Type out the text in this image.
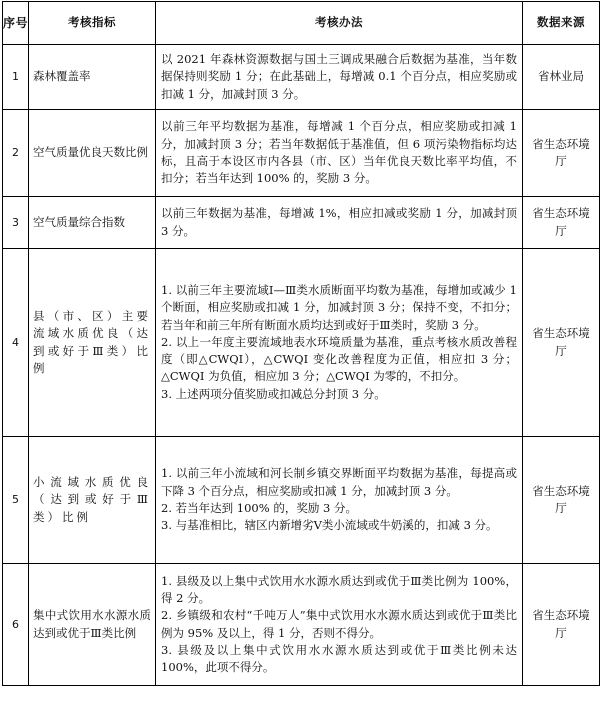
序号	考核指标	考核办法	数据来源
1	森林覆盖率	以 2021 年森林资源数据与国土三调成果融合后数据为基准，当年数据保持则奖励 1 分；在此基础上，每增减 0.1 个百分点，相应奖励或扣减 1 分，加减封顶 3 分。	省林业局
2	空气质量优良天数比例	以前三年平均数据为基准，每增减 1 个百分点，相应奖励或扣减 1 分，加减封顶 3 分；若当年数据低于基准值，但 6 项污染物指标均达标，且高于本设区市内各县（市、区）当年优良天数比率平均值，不扣分；若当年达到 100% 的，奖励 3 分。	省生态环境厅
3	空气质量综合指数	以前三年数据为基准，每增减 1%，相应扣减或奖励 1 分，加减封顶 3 分。	省生态环境厅
4	县（市、区）主要流域水质优良（达到或好于Ⅲ类）比例	1. 以前三年主要流域Ⅰ—Ⅲ类水质断面平均数为基准，每增加或减少 1 个断面，相应奖励或扣减 1 分，加减封顶 3 分；保持不变，不扣分；若当年和前三年所有断面水质均达到或好于Ⅲ类时，奖励 3 分。
2. 以上一年度主要流域地表水环境质量为基准，重点考核水质改善程度（即△CWQI），△CWQI 变化改善程度为正值，相应扣 3 分；△CWQI 为负值，相应加 3 分；△CWQI 为零的，不扣分。
3. 上述两项分值奖励或扣减总分封顶 3 分。	省生态环境厅
5	小流域水质优良（达到或好于Ⅲ类）比例	1. 以前三年小流域和河长制乡镇交界断面平均数据为基准，每提高或下降 3 个百分点，相应奖励或扣减 1 分，加减封顶 3 分。
2. 若当年达到 100% 的，奖励 3 分。
3. 与基准相比，辖区内新增劣Ⅴ类小流域或牛奶溪的，扣减 3 分。	省生态环境厅
6	集中式饮用水水源水质达到或优于Ⅲ类比例	1. 县级及以上集中式饮用水水源水质达到或优于Ⅲ类比例为 100%，得 2 分。
2. 乡镇级和农村“千吨万人”集中式饮用水水源水质达到或优于Ⅲ类比例为 95% 及以上，得 1 分，否则不得分。
3. 县级及以上集中式饮用水水源水质达到或优于Ⅲ类比例未达 100%，此项不得分。	省生态环境厅
